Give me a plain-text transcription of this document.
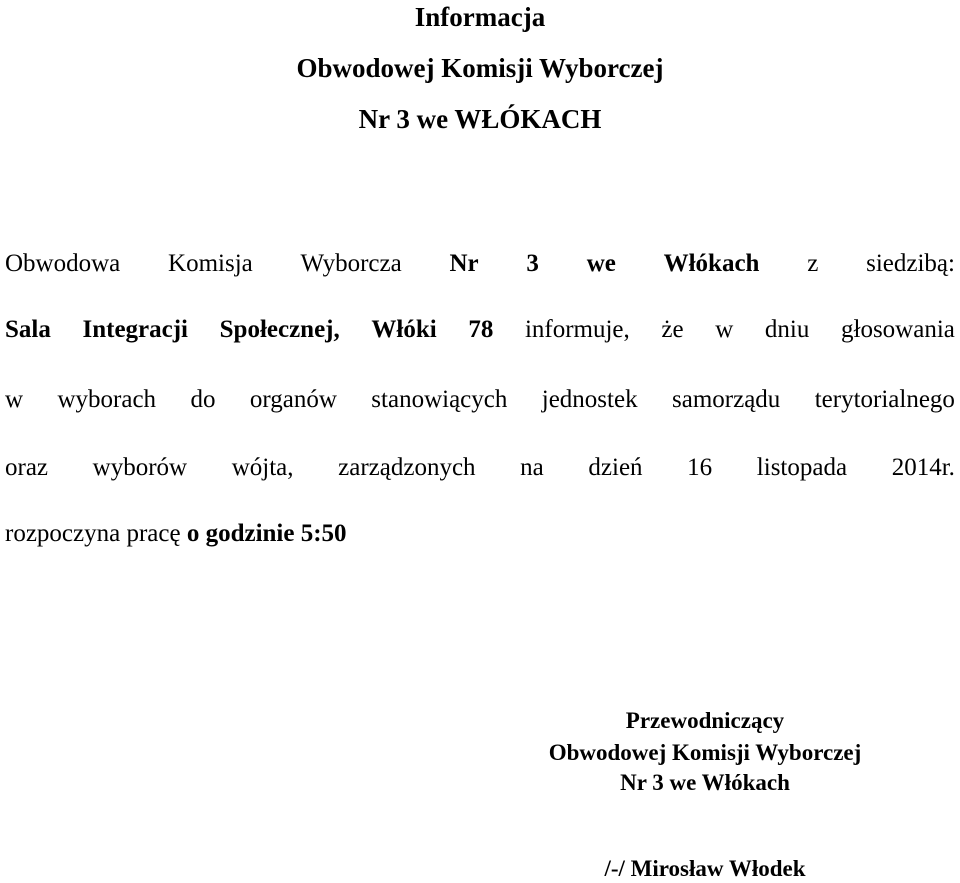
Informacja
Obwodowej Komisji Wyborczej
Nr 3 we WŁÓKACH
Obwodowa Komisja Wyborcza Nr 3 we Włókach z siedzibą:
Sala Integracji Społecznej, Włóki 78 informuje, że w dniu głosowania
w wyborach do organów stanowiących jednostek samorządu terytorialnego
oraz wyborów wójta, zarządzonych na dzień 16 listopada 2014r.
rozpoczyna pracę o godzinie 5:50
Przewodniczący
Obwodowej Komisji Wyborczej
Nr 3 we Włókach
/-/ Mirosław Włodek
